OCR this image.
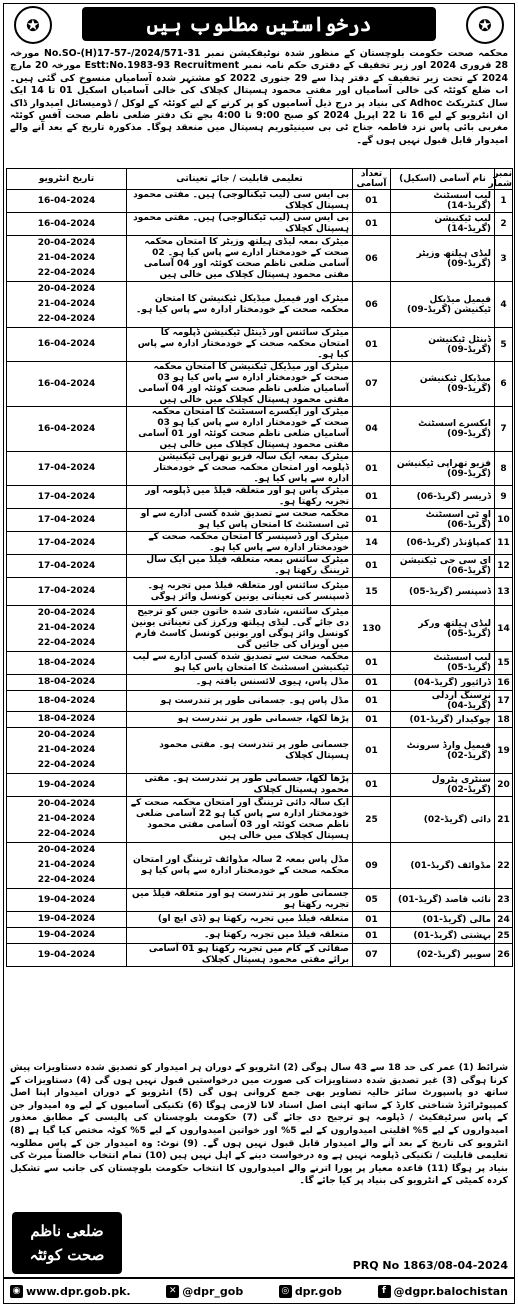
✪	درخواستیں مطلوب ہیں	✪
محکمہ صحت حکومت بلوچستان کے منظور شدہ نوٹیفکیشن نمبر No.SO-(H)17-57-/2024/571-31 مورخہ 28 فروری 2024 اور زیر تخفیف کے دفتری حکم نامہ نمبر Estt:No.1983-93 Recruitment مورخہ 20 مارچ 2024 کے تحت زیر تخفیف کے دفتر ہذا سے 29 جنوری 2022 کو مشتہر شدہ آسامیاں منسوخ کی گئی ہیں۔ اب ضلع کوئٹہ کی خالی آسامیاں اور مفتی محمود ہسپتال کچلاک کی خالی آسامیاں اسکیل 01 تا 14 ایک سال کنٹریکٹ Adhoc کی بنیاد پر درج ذیل آسامیوں کو پر کرنے کے لیے کوئٹہ کے لوکل / ڈومیسائل امیدوار ڈاک ان انٹرویو کے لیے 16 تا 22 اپریل 2024 کو صبح 9:00 تا 4:00 بجے تک دفتر ضلعی ناظم صحت آفس کوئٹہ مغربی بائی پاس نزد فاطمہ جناح ٹی بی سینیٹوریم ہسپتال میں منعقد ہوگا۔ مذکورہ تاریخ کے بعد آنے والے امیدوار قابل قبول نہیں ہوں گے۔
نمبر شمار	نام آسامی (اسکیل)	تعداد آسامی	تعلیمی قابلیت / جائے تعیناتی	تاریخ انٹرویو
1	لیب اسسٹنٹ (گریڈ-14)	01	بی ایس سی (لیب ٹیکنالوجی) ہیں۔ مفتی محمود ہسپتال کچلاک	16-04-2024

2	لیب ٹیکنیشن (گریڈ-14)	01	بی ایس سی (لیب ٹیکنالوجی) ہیں۔ مفتی محمود ہسپتال کچلاک	16-04-2024

3	لیڈی ہیلتھ وزیٹر (گریڈ-09)	06	میٹرک بمعہ لیڈی ہیلتھ وزیٹر کا امتحان محکمہ صحت کے خودمختار ادارے سے پاس کیا ہو۔ 02 آسامی ضلعی ناظم صحت کوئٹہ اور 04 آسامی مفتی محمود ہسپتال کچلاک میں خالی ہیں	20-04-2024
21-04-2024
22-04-2024

4	فیمیل میڈیکل ٹیکنیشن (گریڈ-09)	06	میٹرک اور فیمیل میڈیکل ٹیکنیشن کا امتحان محکمہ صحت کے خودمختار ادارہ سے پاس کیا ہو۔	20-04-2024
21-04-2024
22-04-2024

5	ڈینٹل ٹیکنیشن (گریڈ-09)	01	میٹرک سائنس اور ڈینٹل ٹیکنیشن ڈپلومہ کا امتحان محکمہ صحت کے خودمختار ادارہ سے پاس کیا ہو۔	16-04-2024

6	میڈیکل ٹیکنیشن (گریڈ-09)	07	میٹرک اور میڈیکل ٹیکنیشن کا امتحان محکمہ صحت کے خودمختار ادارہ سے پاس کیا ہو 03 آسامیاں ضلعی ناظم صحت کوئٹہ اور 04 آسامی مفتی محمود ہسپتال کچلاک میں خالی ہیں	16-04-2024

7	ایکسرے اسسٹنٹ (گریڈ-09)	04	میٹرک اور ایکسرے اسسٹنٹ کا امتحان محکمہ صحت کے خودمختار ادارہ سے پاس کیا ہو 03 آسامیاں ضلعی ناظم صحت کوئٹہ اور 01 آسامی مفتی محمود ہسپتال کچلاک میں خالی ہیں	16-04-2024

8	فزیو تھراپی ٹیکنیشن (گریڈ-09)	01	میٹرک بمعہ ایک سالہ فزیو تھراپی ٹیکنیشن ڈپلومہ اور امتحان محکمہ صحت کے خودمختار ادارہ سے پاس کیا ہو۔	17-04-2024

9	ڈریسر (گریڈ-06)	01	میٹرک پاس ہو اور متعلقہ فیلڈ میں ڈپلومہ اور تجربہ رکھتا ہو۔	17-04-2024

10	او ٹی اسسٹنٹ (گریڈ-06)	01	محکمہ صحت سے تصدیق شدہ کسی ادارے سے او ٹی اسسٹنٹ کا امتحان پاس کیا ہو	17-04-2024

11	کمپاؤنڈر (گریڈ-06)	14	میٹرک اور ڈسپنسر کا امتحان محکمہ صحت کے خودمختار ادارہ سے پاس کیا ہو۔	17-04-2024

12	ای سی جی ٹیکنیشن (گریڈ-06)	01	میٹرک سائنس بمعہ متعلقہ فیلڈ میں ایک سال ٹریننگ رکھتا ہو۔	17-04-2024

13	ڈسپنسر (گریڈ-05)	15	میٹرک سائنس اور متعلقہ فیلڈ میں تجربہ ہو۔ ڈسپنسر کی تعیناتی یونین کونسل وائز ہوگی	17-04-2024

14	لیڈی ہیلتھ ورکر (گریڈ-05)	130	میٹرک سائنس، شادی شدہ خاتون جس کو ترجیح دی جائے گی۔ لیڈی ہیلتھ ورکرز کی تعیناتی یونین کونسل وائز ہوگی اور یونین کونسل کاسٹ فارم میں آویزاں کی جائیں گی	20-04-2024
21-04-2024
22-04-2024

15	لیب اسسٹنٹ (گریڈ-05)	01	محکمہ صحت سے تصدیق شدہ کسی ادارے سے لیب ٹیکنیشن اسسٹنٹ کا امتحان پاس کیا ہو	18-04-2024

16	ڈرائیور (گریڈ-04)	01	مڈل پاس، ہیوی لائسنس یافتہ ہو۔	18-04-2024

17	نرسنگ اردلی (گریڈ-04)	01	مڈل پاس ہو۔ جسمانی طور پر تندرست ہو	18-04-2024

18	چوکیدار (گریڈ-01)	01	پڑھا لکھا، جسمانی طور پر تندرست ہو	18-04-2024

19	فیمیل وارڈ سرونٹ (گریڈ-02)	01	جسمانی طور پر تندرست ہو۔ مفتی محمود ہسپتال کچلاک	20-04-2024
21-04-2024
22-04-2024

20	سنٹری پٹرول (گریڈ-02)	01	پڑھا لکھا، جسمانی طور پر تندرست ہو۔ مفتی محمود ہسپتال کچلاک	19-04-2024

21	دائی (گریڈ-02)	25	ایک سالہ دائی ٹریننگ اور امتحان محکمہ صحت کے خودمختار ادارہ سے پاس کیا ہو 22 آسامی ضلعی ناظم صحت کوئٹہ اور 03 آسامی مفتی محمود ہسپتال کچلاک میں خالی ہیں	20-04-2024
21-04-2024
22-04-2024

22	مڈوائف (گریڈ-01)	09	مڈل پاس بمعہ 2 سالہ مڈوائف ٹریننگ اور امتحان محکمہ صحت کے خودمختار ادارہ سے پاس کیا ہو	20-04-2024
21-04-2024
22-04-2024

23	نائب قاصد (گریڈ-01)	05	جسمانی طور پر تندرست ہو اور متعلقہ فیلڈ میں تجربہ رکھتا ہو	19-04-2024

24	مالی (گریڈ-01)	01	متعلقہ فیلڈ میں تجربہ رکھتا ہو (ڈی ایچ او)	19-04-2024

25	بہشتی (گریڈ-01)	01	متعلقہ فیلڈ میں تجربہ رکھتا ہو۔	19-04-2024

26	سویپر (گریڈ-02)	07	صفائی کے کام میں تجربہ رکھتا ہو 01 آسامی برائے مفتی محمود ہسپتال کچلاک	19-04-2024
شرائط (1) عمر کی حد 18 سے 43 سال ہوگی (2) انٹرویو کے دوران ہر امیدوار کو تصدیق شدہ دستاویزات پیش کرنا ہوگی (3) غیر تصدیق شدہ دستاویزات کی صورت میں درخواستیں قبول نہیں ہوں گی (4) دستاویزات کے ساتھ دو پاسپورٹ سائز حالیہ تصاویر بھی جمع کروانی ہوں گی (5) انٹرویو کے دوران امیدوار اپنا اصل کمپیوٹرائزڈ شناختی کارڈ کے ساتھ اپنی اصل اسناد لانا لازمی ہوگا (6) تکنیکی آسامیوں کے لیے وہ امیدوار جن کے پاس سرٹیفکیٹ / ڈپلومہ ہو ترجیح دی جائے گی (7) حکومت بلوچستان کی پالیسی کے مطابق معذور امیدواروں کے لیے 5% اقلیتی امیدواروں کے لیے 5% اور خواتین امیدواروں کے لیے 5% کوٹہ مختص کیا گیا ہے (8) انٹرویو کی تاریخ کے بعد آنے والے امیدوار قابل قبول نہیں ہوں گے۔ (9) نوٹ: وہ امیدوار جن کے پاس مطلوبہ تعلیمی قابلیت / تکنیکی ڈپلومہ نہیں ہے وہ درخواست دینے کے اہل نہیں ہیں (10) تمام انتخاب خالصتاً میرٹ کی بنیاد پر ہوگا (11) قاعدہ معیار پر پورا اترنے والے امیدواروں کا انتخاب حکومت بلوچستان کی جانب سے تشکیل کردہ کمیٹی کے انٹرویو کی بنیاد پر کیا جائے گا۔
ضلعی ناظم
صحت کوئٹہ
PRQ No 1863/08-04-2024
◉ www.dpr.gob.pk.	✕ @dpr_gob	◎ dpr.gob	f @dgpr.balochistan
